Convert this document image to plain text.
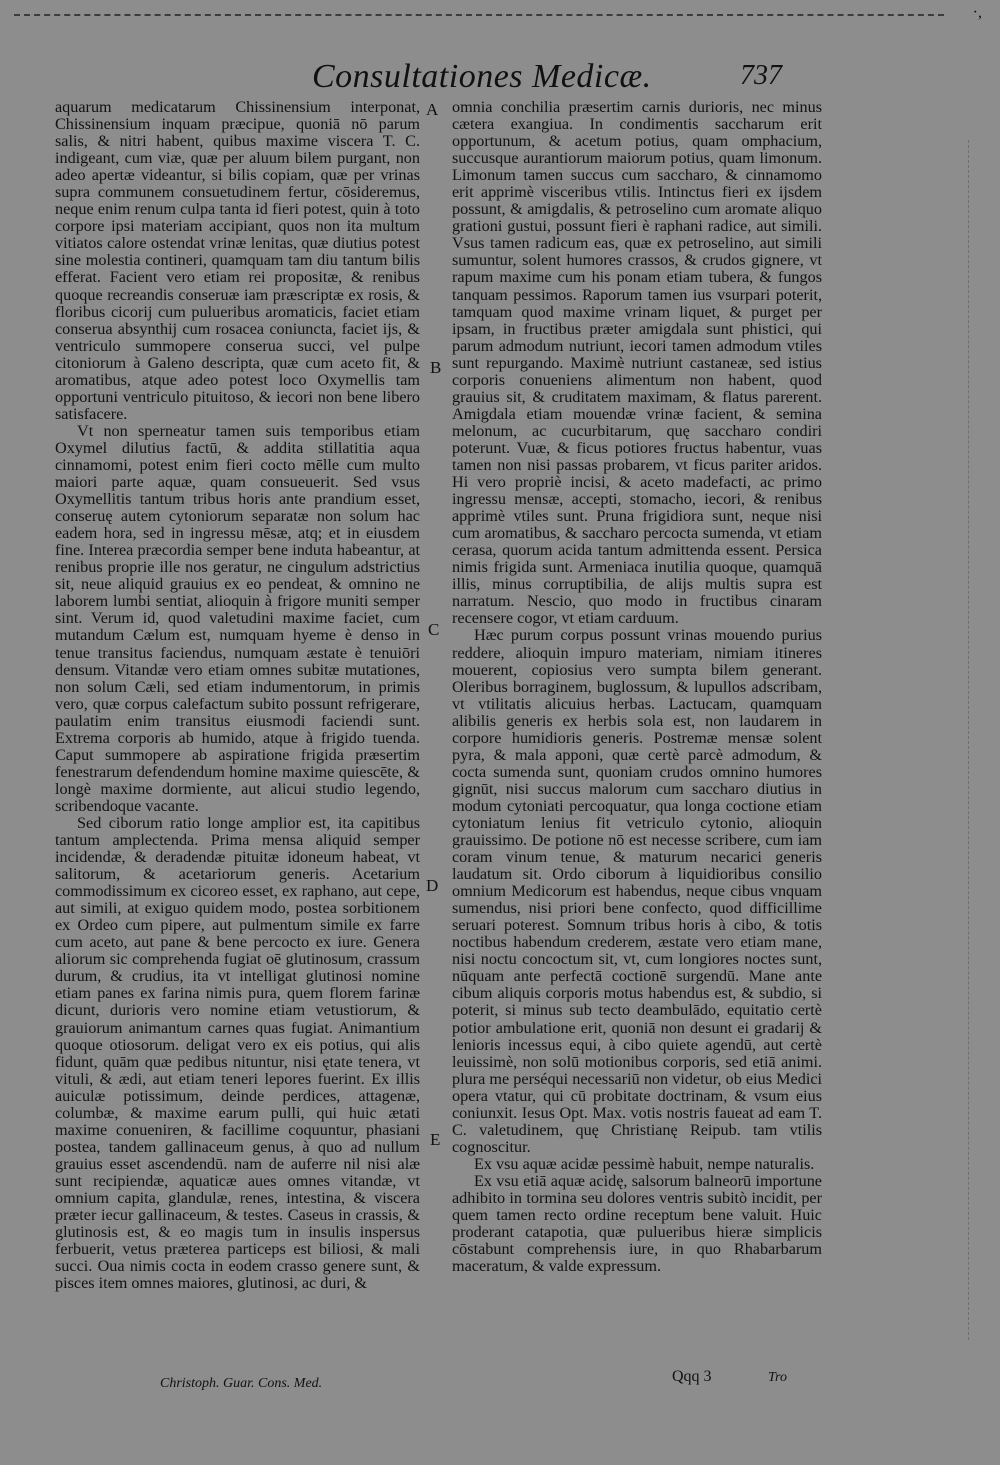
·,
Consultationes Medicæ.	737

aquarum medicatarum Chissinensium interponat, Chissinensium inquam præcipue, quoniā nō parum salis, & nitri habent, quibus maxime viscera T. C. indigeant, cum viæ, quæ per aluum bilem purgant, non adeo apertæ videantur, si bilis copiam, quæ per vrinas supra communem consuetudinem fertur, cōsideremus, neque enim renum culpa tanta id fieri potest, quin à toto corpore ipsi materiam accipiant, quos non ita multum vitiatos calore ostendat vrinæ lenitas, quæ diutius potest sine molestia contineri, quamquam tam diu tantum bilis efferat. Facient vero etiam rei propositæ, & renibus quoque recreandis conseruæ iam præscriptæ ex rosis, & floribus cicorij cum pulueribus aromaticis, faciet etiam conserua absynthij cum rosacea coniuncta, faciet ijs, & ventriculo summopere conserua succi, vel pulpe citoniorum à Galeno descripta, quæ cum aceto fit, & aromatibus, atque adeo potest loco Oxymellis tam opportuni ventriculo pituitoso, & iecori non bene libero satisfacere.

Vt non sperneatur tamen suis temporibus etiam Oxymel dilutius factū, & addita stillatitia aqua cinnamomi, potest enim fieri cocto mēlle cum multo maiori parte aquæ, quam consueuerit. Sed vsus Oxymellitis tantum tribus horis ante prandium esset, conseruę autem cytoniorum separatæ non solum hac eadem hora, sed in ingressu mēsæ, atq; et in eiusdem fine. Interea præcordia semper bene induta habeantur, at renibus proprie ille nos geratur, ne cingulum adstrictius sit, neue aliquid grauius ex eo pendeat, & omnino ne laborem lumbi sentiat, alioquin à frigore muniti semper sint. Verum id, quod valetudini maxime faciet, cum mutandum Cælum est, numquam hyeme è denso in tenue transitus faciendus, numquam æstate è tenuiōri densum. Vitandæ vero etiam omnes subitæ mutationes, non solum Cæli, sed etiam indumentorum, in primis vero, quæ corpus calefactum subito possunt refrigerare, paulatim enim transitus eiusmodi faciendi sunt. Extrema corporis ab humido, atque à frigido tuenda. Caput summopere ab aspiratione frigida præsertim fenestrarum defendendum homine maxime quiescēte, & longè maxime dormiente, aut alicui studio legendo, scribendoque vacante.

Sed ciborum ratio longe amplior est, ita capitibus tantum amplectenda. Prima mensa aliquid semper incidendæ, & deradendæ pituitæ idoneum habeat, vt salitorum, & acetariorum generis. Acetarium commodissimum ex cicoreo esset, ex raphano, aut cepe, aut simili, at exiguo quidem modo, postea sorbitionem ex Ordeo cum pipere, aut pulmentum simile ex farre cum aceto, aut pane & bene percocto ex iure. Genera aliorum sic comprehenda fugiat oē glutinosum, crassum durum, & crudius, ita vt intelligat glutinosi nomine etiam panes ex farina nimis pura, quem florem farinæ dicunt, durioris vero nomine etiam vetustiorum, & grauiorum animantum carnes quas fugiat. Animantium quoque otiosorum. deligat vero ex eis potius, qui alis fidunt, quām quæ pedibus nituntur, nisi ętate tenera, vt vituli, & ædi, aut etiam teneri lepores fuerint. Ex illis auiculæ potissimum, deinde perdices, attagenæ, columbæ, & maxime earum pulli, qui huic ætati maxime conueniren, & facillime coquuntur, phasiani postea, tandem gallinaceum genus, à quo ad nullum grauius esset ascendendū. nam de auferre nil nisi alæ sunt recipiendæ, aquaticæ aues omnes vitandæ, vt omnium capita, glandulæ, renes, intestina, & viscera præter iecur gallinaceum, & testes. Caseus in crassis, & glutinosis est, & eo magis tum in insulis inspersus ferbuerit, vetus præterea particeps est biliosi, & mali succi. Oua nimis cocta in eodem crasso genere sunt, & pisces item omnes maiores, glutinosi, ac duri, &

omnia conchilia præsertim carnis durioris, nec minus cætera exangiua. In condimentis saccharum erit opportunum, & acetum potius, quam omphacium, succusque aurantiorum maiorum potius, quam limonum. Limonum tamen succus cum saccharo, & cinnamomo erit apprimè visceribus vtilis. Intinctus fieri ex ijsdem possunt, & amigdalis, & petroselino cum aromate aliquo grationi gustui, possunt fieri è raphani radice, aut simili. Vsus tamen radicum eas, quæ ex petroselino, aut simili sumuntur, solent humores crassos, & crudos gignere, vt rapum maxime cum his ponam etiam tubera, & fungos tanquam pessimos. Raporum tamen ius vsurpari poterit, tamquam quod maxime vrinam liquet, & purget per ipsam, in fructibus præter amigdala sunt phistici, qui parum admodum nutriunt, iecori tamen admodum vtiles sunt repurgando. Maximè nutriunt castaneæ, sed istius corporis conueniens alimentum non habent, quod grauius sit, & cruditatem maximam, & flatus parerent. Amigdala etiam mouendæ vrinæ facient, & semina melonum, ac cucurbitarum, quę saccharo condiri poterunt. Vuæ, & ficus potiores fructus habentur, vuas tamen non nisi passas probarem, vt ficus pariter aridos. Hi vero propriè incisi, & aceto madefacti, ac primo ingressu mensæ, accepti, stomacho, iecori, & renibus apprimè vtiles sunt. Pruna frigidiora sunt, neque nisi cum aromatibus, & saccharo percocta sumenda, vt etiam cerasa, quorum acida tantum admittenda essent. Persica nimis frigida sunt. Armeniaca inutilia quoque, quamquā illis, minus corruptibilia, de alijs multis supra est narratum. Nescio, quo modo in fructibus cinaram recensere cogor, vt etiam carduum.

Hæc purum corpus possunt vrinas mouendo purius reddere, alioquin impuro materiam, nimiam itineres mouerent, copiosius vero sumpta bilem generant. Oleribus borraginem, buglossum, & lupullos adscribam, vt vtilitatis alicuius herbas. Lactucam, quamquam alibilis generis ex herbis sola est, non laudarem in corpore humidioris generis. Postremæ mensæ solent pyra, & mala apponi, quæ certè parcè admodum, & cocta sumenda sunt, quoniam crudos omnino humores gignūt, nisi succus malorum cum saccharo diutius in modum cytoniati percoquatur, qua longa coctione etiam cytoniatum lenius fit vetriculo cytonio, alioquin grauissimo. De potione nō est necesse scribere, cum iam coram vinum tenue, & maturum necarici generis laudatum sit. Ordo ciborum à liquidioribus consilio omnium Medicorum est habendus, neque cibus vnquam sumendus, nisi priori bene confecto, quod difficillime seruari poterest. Somnum tribus horis à cibo, & totis noctibus habendum crederem, æstate vero etiam mane, nisi noctu concoctum sit, vt, cum longiores noctes sunt, nūquam ante perfectā coctionē surgendū. Mane ante cibum aliquis corporis motus habendus est, & subdio, si poterit, si minus sub tecto deambulādo, equitatio certè potior ambulatione erit, quoniā non desunt ei gradarij & lenioris incessus equi, à cibo quiete agendū, aut certè leuissimè, non solū motionibus corporis, sed etiā animi. plura me perséqui necessariū non videtur, ob eius Medici opera vtatur, qui cū probitate doctrinam, & vsum eius coniunxit. Iesus Opt. Max. votis nostris faueat ad eam T. C. valetudinem, quę Christianę Reipub. tam vtilis cognoscitur.

Ex vsu aquæ acidæ pessimè habuit, nempe naturalis.

Ex vsu etiā aquæ acidę, salsorum balneorū importune adhibito in tormina seu dolores ventris subitò incidit, per quem tamen recto ordine receptum bene valuit. Huic proderant catapotia, quæ pulueribus hieræ simplicis cōstabunt comprehensis iure, in quo Rhabarbarum maceratum, & valde expressum.

A
B
C
D
E
Christoph. Guar. Cons. Med.	Qqq 3	Tro
